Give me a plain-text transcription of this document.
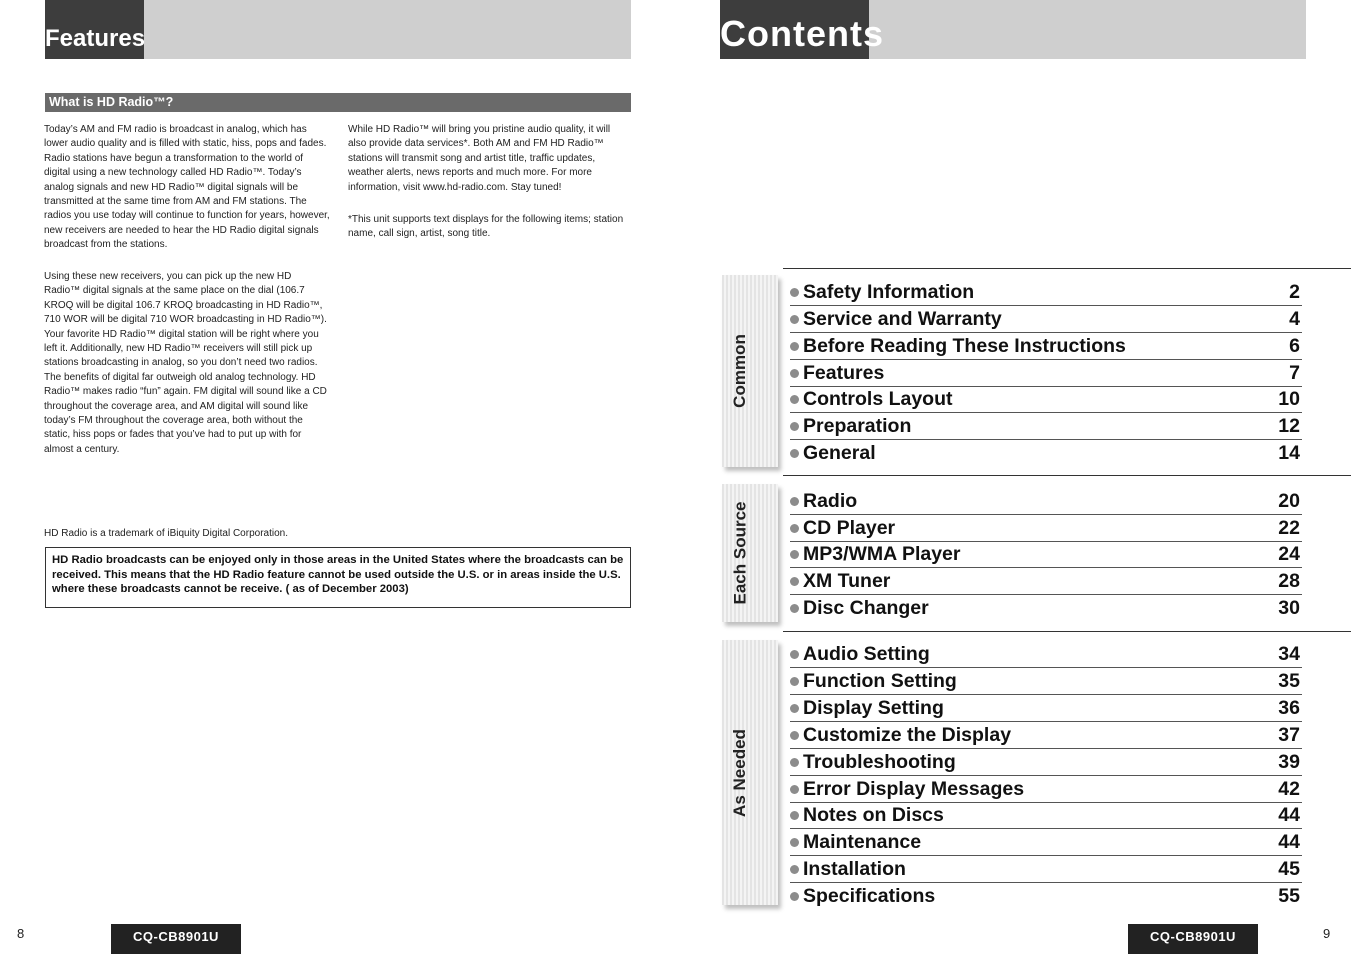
Features
What is HD Radio™?

Today’s AM and FM radio is broadcast in analog, which has lower audio quality and is filled with static, hiss, pops and fades. Radio stations have begun a transformation to the world of digital using a new technology called HD Radio™. Today’s analog signals and new HD Radio™ digital signals will be transmitted at the same time from AM and FM stations. The radios you use today will continue to function for years, however, new receivers are needed to hear the HD Radio digital signals broadcast from the stations.

Using these new receivers, you can pick up the new HD Radio™ digital signals at the same place on the dial (106.7 KROQ will be digital 106.7 KROQ broadcasting in HD Radio™, 710 WOR will be digital 710 WOR broadcasting in HD Radio™). Your favorite HD Radio™ digital station will be right where you left it. Additionally, new HD Radio™ receivers will still pick up stations broadcasting in analog, so you don’t need two radios. The benefits of digital far outweigh old analog technology. HD Radio™ makes radio “fun” again. FM digital will sound like a CD throughout the coverage area, and AM digital will sound like today’s FM throughout the coverage area, both without the static, hiss pops or fades that you’ve had to put up with for almost a century.

While HD Radio™ will bring you pristine audio quality, it will also provide data services*. Both AM and FM HD Radio™ stations will transmit song and artist title, traffic updates, weather alerts, news reports and much more. For more information, visit www.hd-radio.com. Stay tuned!

*This unit supports text displays for the following items; station name, call sign, artist, song title.

HD Radio is a trademark of iBiquity Digital Corporation.

HD Radio broadcasts can be enjoyed only in those areas in the United States where the broadcasts can be received. This means that the HD Radio feature cannot be used outside the U.S. or in areas inside the U.S. where these broadcasts cannot be receive. ( as of December 2003)
8	CQ-CB8901U
Contents
Common
Each Source
As Needed
Safety Information	2
Service and Warranty	4
Before Reading These Instructions	6
Features	7
Controls Layout	10
Preparation	12
General	14
Radio	20
CD Player	22
MP3/WMA Player	24
XM Tuner	28
Disc Changer	30
Audio Setting	34
Function Setting	35
Display Setting	36
Customize the Display	37
Troubleshooting	39
Error Display Messages	42
Notes on Discs	44
Maintenance	44
Installation	45
Specifications	55
9
CQ-CB8901U
